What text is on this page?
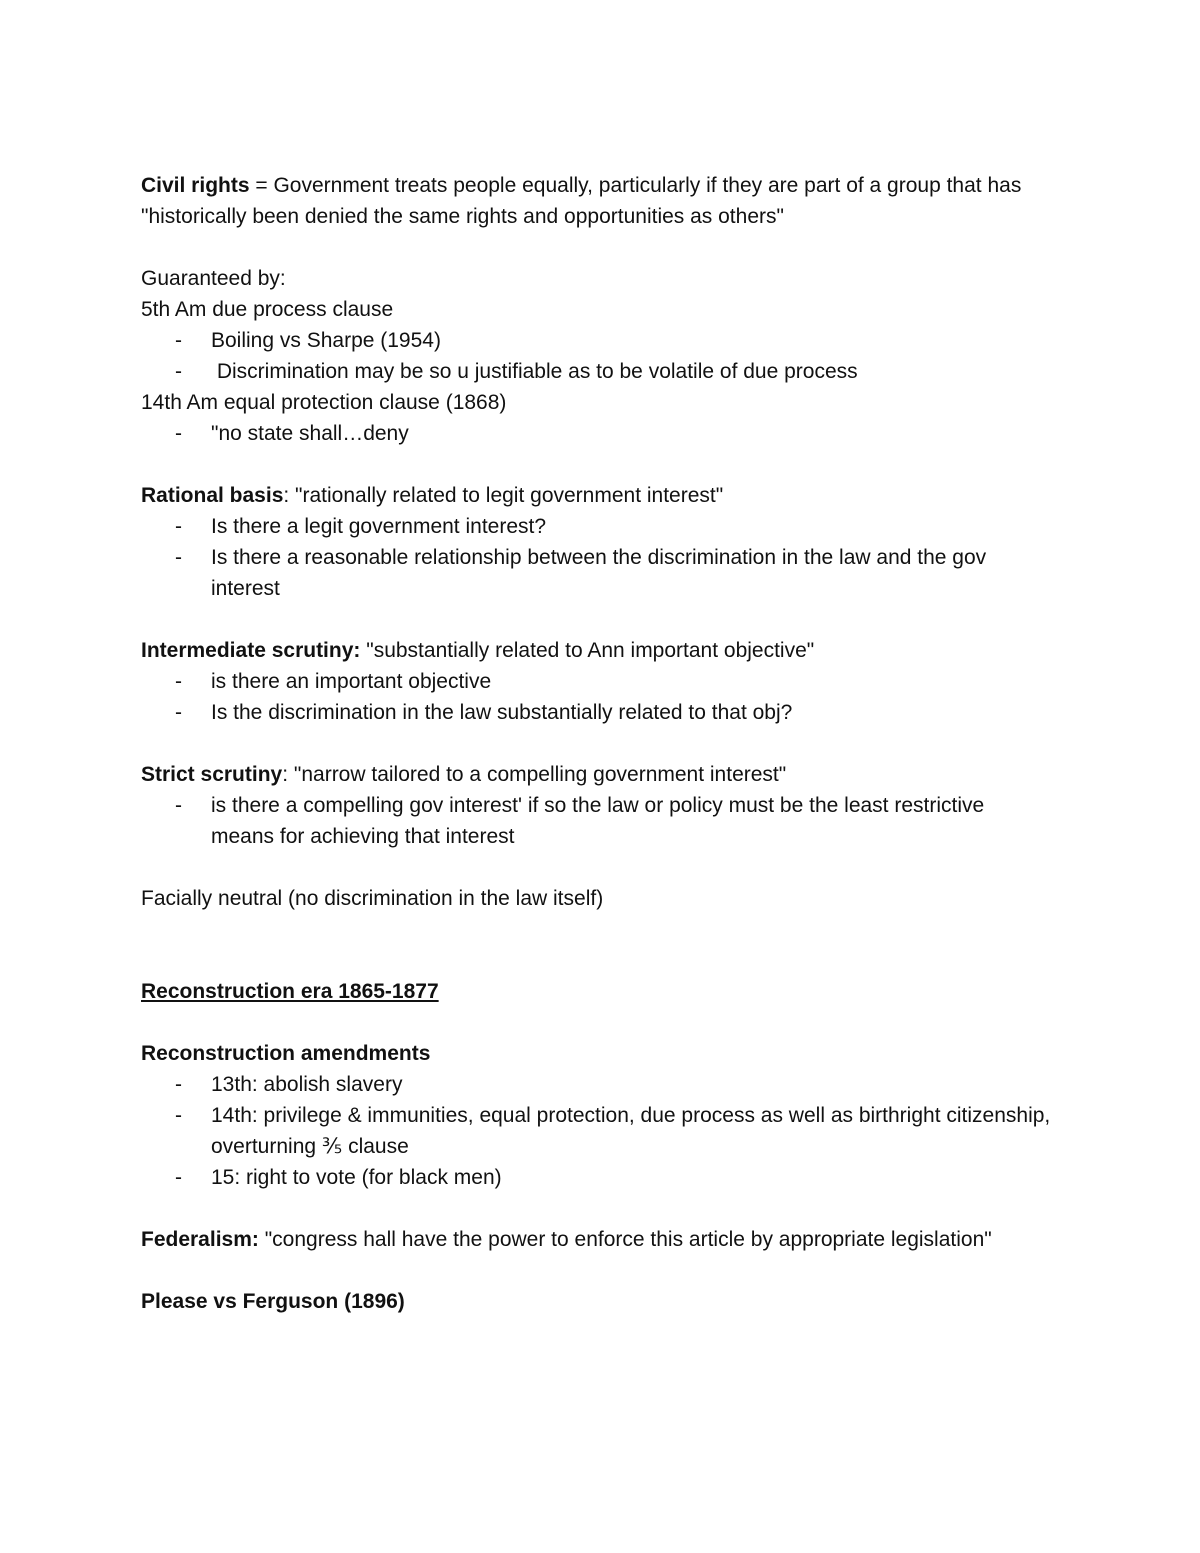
Civil rights = Government treats people equally, particularly if they are part of a group that has "historically been denied the same rights and opportunities as others"

Guaranteed by:

5th Am due process clause

- Boiling vs Sharpe (1954)
- Discrimination may be so u justifiable as to be volatile of due process

14th Am equal protection clause (1868)

- "no state shall…deny

Rational basis: "rationally related to legit government interest"

- Is there a legit government interest?
- Is there a reasonable relationship between the discrimination in the law and the gov interest

Intermediate scrutiny: "substantially related to Ann important objective"

- is there an important objective
- Is the discrimination in the law substantially related to that obj?

Strict scrutiny: "narrow tailored to a compelling government interest"

- is there a compelling gov interest' if so the law or policy must be the least restrictive means for achieving that interest

Facially neutral (no discrimination in the law itself)

Reconstruction era 1865-1877

Reconstruction amendments

- 13th: abolish slavery
- 14th: privilege & immunities, equal protection, due process as well as birthright citizenship, overturning ⅗ clause
- 15: right to vote (for black men)

Federalism: "congress hall have the power to enforce this article by appropriate legislation"

Please vs Ferguson (1896)
